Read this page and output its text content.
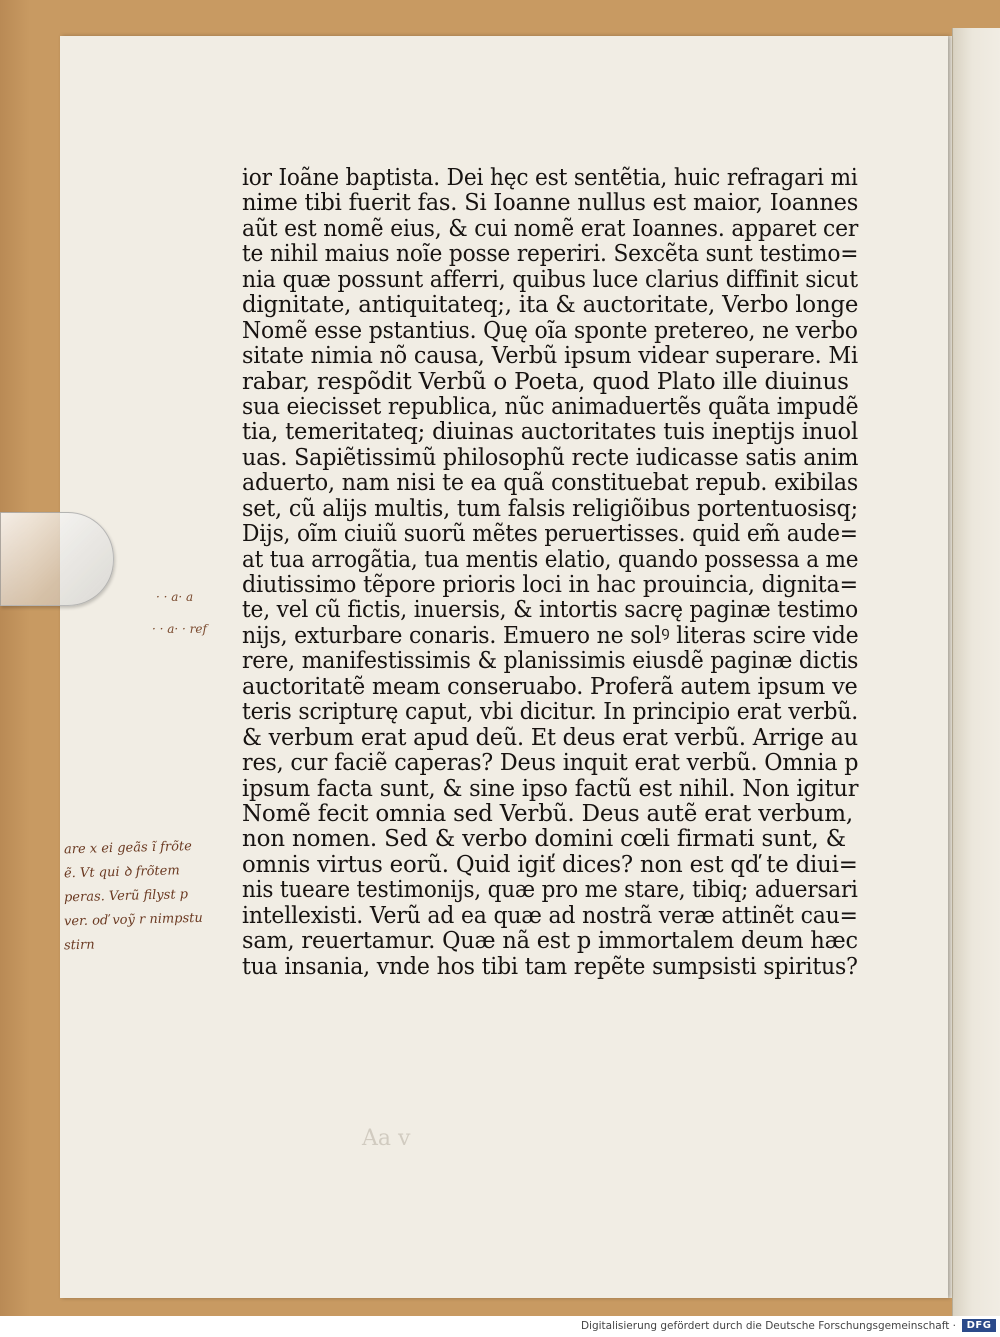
ior Ioãne baptista. Dei hęc est sentẽtia, huic refragari mi
nime tibi fuerit fas. Si Ioanne nullus est maior, Ioannes
aũt est nomẽ eius, & cui nomẽ erat Ioannes. apparet cer
te nihil maius noĩe posse reperiri. Sexcẽta sunt testimo=
nia quæ possunt afferri, quibus luce clarius diffinit sicut
dignitate, antiquitateq;, ita & auctoritate, Verbo longe
Nomẽ esse pstantius. Quę oĩa sponte pretereo, ne verbo
sitate nimia nõ causa, Verbũ ipsum videar superare. Mi
rabar, respõdit Verbũ o Poeta, quod Plato ille diuinus
sua eiecisset republica, nũc animaduertẽs quãta impudẽ
tia, temeritateq; diuinas auctoritates tuis ineptijs inuol
uas. Sapiẽtissimũ philosophũ recte iudicasse satis anim
aduerto, nam nisi te ea quã constituebat repub. exibilas
set, cũ alijs multis, tum falsis religiõibus portentuosisq;
Dijs, oĩm ciuiũ suorũ mẽtes peruertisses. quid em̃ aude=
at tua arrogãtia, tua mentis elatio, quando possessa a me
diutissimo tẽpore prioris loci in hac prouincia, dignita=
te, vel cũ fictis, inuersis, & intortis sacrę paginæ testimo
nijs, exturbare conaris. Emuero ne solꝰ literas scire vide
rere, manifestissimis & planissimis eiusdẽ paginæ dictis
auctoritatẽ meam conseruabo. Proferã autem ipsum ve
teris scripturę caput, vbi dicitur. In principio erat verbũ.
& verbum erat apud deũ. Et deus erat verbũ. Arrige au
res, cur faciẽ caperas? Deus inquit erat verbũ. Omnia p
ipsum facta sunt, & sine ipso factũ est nihil. Non igitur
Nomẽ fecit omnia sed Verbũ. Deus autẽ erat verbum,
non nomen. Sed & verbo domini cœli firmati sunt, &
omnis virtus eorũ. Quid igiť dices? non est qď te diui=
nis tueare testimonijs, quæ pro me stare, tibiq; aduersari
intellexisti. Verũ ad ea quæ ad nostrã veræ attinẽt cau=
sam, reuertamur. Quæ nã est p immortalem deum hæc
tua insania, vnde hos tibi tam repẽte sumpsisti spiritus?
· · a· a
· · a· · ref
are x ei geãs ĩ frõte
ẽ. Vt qui ꝺ frõtem
peras. Verũ filyst p
ver. oď voỹ r nimpstu
stirn
Aa v
Digitalisierung gefördert durch die Deutsche Forschungsgemeinschaft ·	DFG
